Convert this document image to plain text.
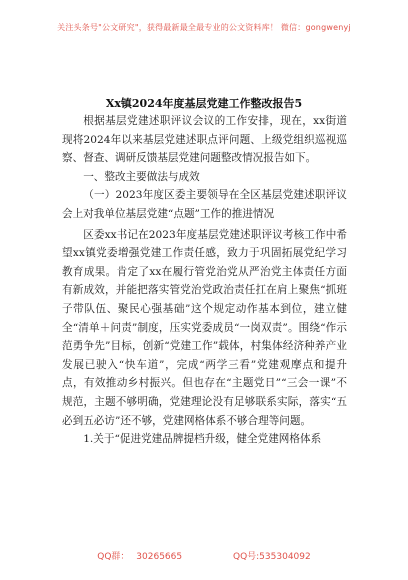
关注头条号"公文研究"，获得最新最全最专业的公文资料库！ 微信：gongwenyj
Xx镇2024年度基层党建工作整改报告5

根据基层党建述职评议会议的工作安排，现在，xx街道现将2024年以来基层党建述职点评问题、上级党组织巡视巡察、督查、调研反馈基层党建问题整改情况报告如下。

一、整改主要做法与成效

（一）2023年度区委主要领导在全区基层党建述职评议会上对我单位基层党建“点题”工作的推进情况

区委xx书记在2023年度基层党建述职评议考核工作中希望xx镇党委增强党建工作责任感，致力于巩固拓展党纪学习教育成果。肯定了xx在履行管党治党从严治党主体责任方面有新成效，并能把落实管党治党政治责任扛在肩上聚焦“抓班子带队伍、聚民心强基础”这个规定动作基本到位，建立健全“清单＋问责”制度，压实党委成员“一岗双责”。围绕“作示范勇争先”目标，创新“党建工作”载体，村集体经济种养产业发展已驶入“快车道”，完成“两学三看”党建观摩点和提升点，有效推动乡村振兴。但也存在“主题党日”“三会一课”不规范，主题不够明确，党建理论没有足够联系实际，落实“五必到五必访”还不够，党建网格体系不够合理等问题。

1.关于“促进党建品牌提档升级，健全党建网格体系

QQ群： 30265665	QQ号:535304092
